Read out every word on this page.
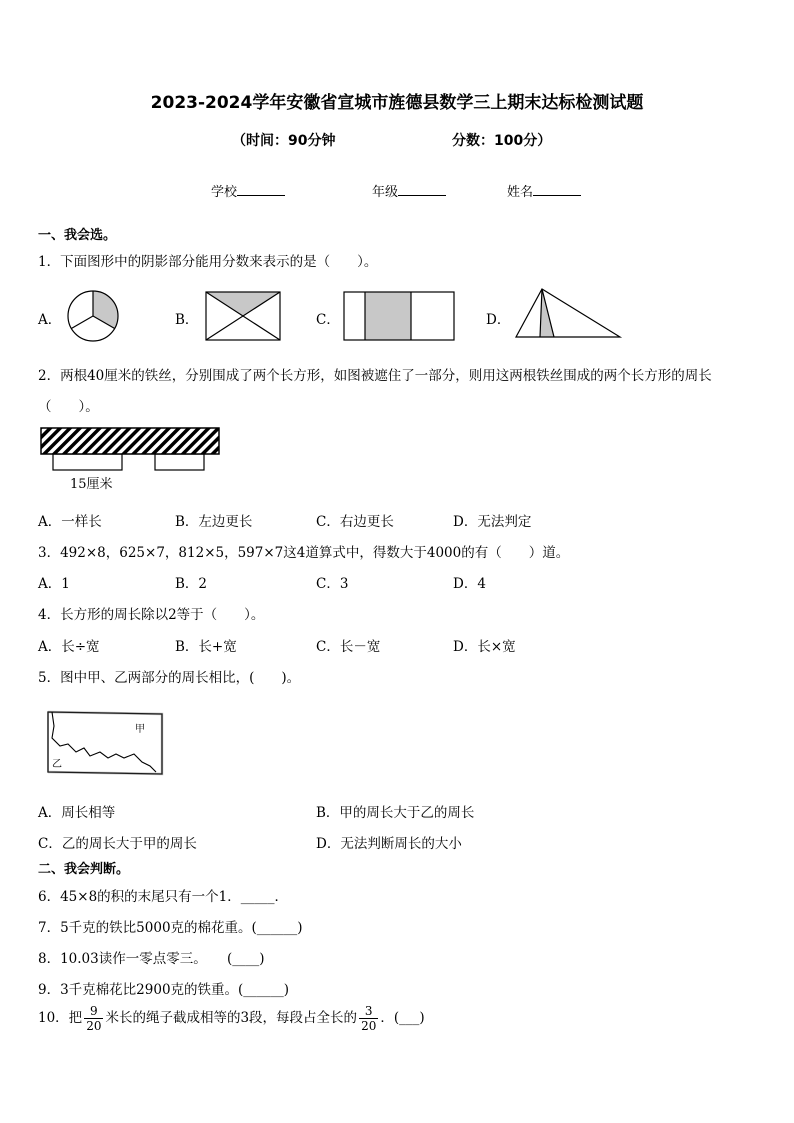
2023-2024学年安徽省宣城市旌德县数学三上期末达标检测试题
（时间：90分钟	分数：100分）
学校	年级	姓名
一、我会选。
1．下面图形中的阴影部分能用分数来表示的是（　　）。
A．	B．	C．	D．
2．两根40厘米的铁丝，分别围成了两个长方形，如图被遮住了一部分，则用这两根铁丝围成的两个长方形的周长
（　　）。
15厘米
A．一样长	B．左边更长	C．右边更长	D．无法判定
3．492×8，625×7，812×5，597×7这4道算式中，得数大于4000的有（　　）道。
A．1	B．2	C．3	D．4
4．长方形的周长除以2等于（　　）。
A．长÷宽	B．长+宽	C．长－宽	D．长×宽
5．图中甲、乙两部分的周长相比，(　　)。
甲
乙
A．周长相等	B．甲的周长大于乙的周长
C．乙的周长大于甲的周长	D．无法判断周长的大小
二、我会判断。
6．45×8的积的末尾只有一个1．_____．
7．5千克的铁比5000克的棉花重。(______)
8．10.03读作一零点零三。　　(____)
9．3千克棉花比2900克的铁重。(______)
10．把 $\frac{9}{20}$ 米长的绳子截成相等的3段，每段占全长的 $\frac{3}{20}$ ．(___)
